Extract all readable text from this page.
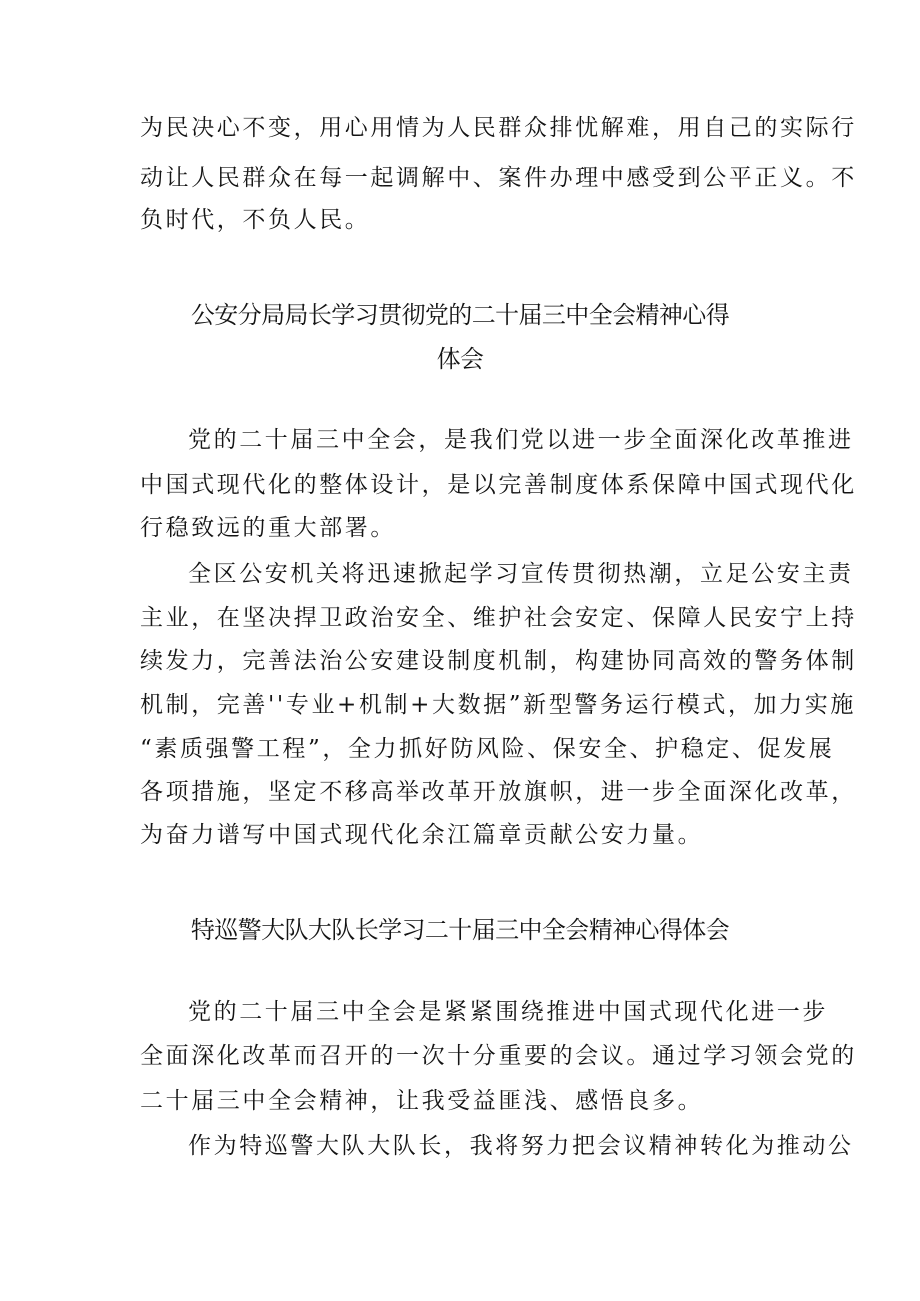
为民决心不变，用心用情为人民群众排忧解难，用自己的实际行
动让人民群众在每一起调解中、案件办理中感受到公平正义。不
负时代，不负人民。
公安分局局长学习贯彻党的二十届三中全会精神心得
体会
党的二十届三中全会，是我们党以进一步全面深化改革推进
中国式现代化的整体设计，是以完善制度体系保障中国式现代化
行稳致远的重大部署。
全区公安机关将迅速掀起学习宣传贯彻热潮，立足公安主责
主业，在坚决捍卫政治安全、维护社会安定、保障人民安宁上持
续发力，完善法治公安建设制度机制，构建协同高效的警务体制
机制，完善''专业+机制+大数据”新型警务运行模式，加力实施
“素质强警工程”，全力抓好防风险、保安全、护稳定、促发展
各项措施，坚定不移高举改革开放旗帜，进一步全面深化改革，
为奋力谱写中国式现代化余江篇章贡献公安力量。
特巡警大队大队长学习二十届三中全会精神心得体会
党的二十届三中全会是紧紧围绕推进中国式现代化进一步
全面深化改革而召开的一次十分重要的会议。通过学习领会党的
二十届三中全会精神，让我受益匪浅、感悟良多。
作为特巡警大队大队长，我将努力把会议精神转化为推动公
